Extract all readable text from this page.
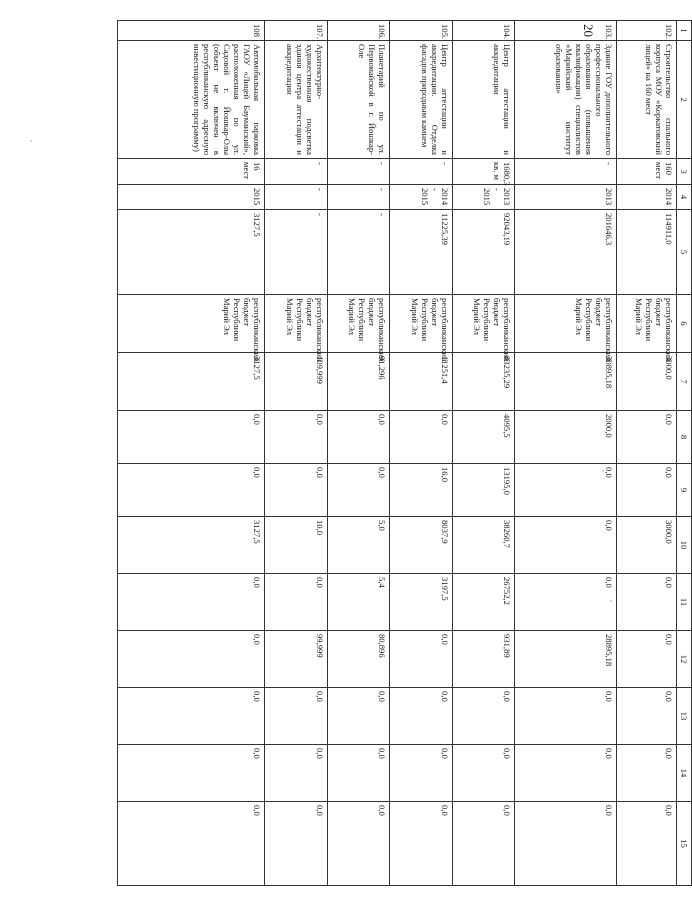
20	1	2	3	4	5	6	7	8	9	10	11	12	13	14	15
102.	Строительство спального корпуса МОУ «Коркатовский лицей» на 160 мест	160 мест	2014	114911,0	республиканский бюджет Республики Марий Эл	3000,0	0,0	0,0	3000,0	0,0	0,0	0,0	0,0	0,0
103.	Здание ГОУ дополнительного профессионального образования (повышения квалификации) специалистов «Марийский институт образования»	-	2013	201646,3	республиканский бюджет Республики Марий Эл	30895,18	2000,0	0,0	0,0	0,0	28895,18	0,0	0,0	0,0
104.	Центр аттестации и аккредитации	1680,3 кв. м	2013 - 2015	92043,19	республиканский бюджет Республики Марий Эл	83235,29	4095,5	13195,0	38260,7	26752,2	931,89	0,0	0,0	0,0
105.	Центр аттестации и аккредитации. Отделка фасадов природным камнем	-	2014 - 2015	11225,39	республиканский бюджет Республики Марий Эл	11251,4	0,0	16,0	8037,9	3197,5	0,0	0,0	0,0	0,0
106.	Планетарий по ул. Первомайской в г. Йошкар-Оле	-	-	-	республиканский бюджет Республики Марий Эл	91,296	0,0	0,0	5,0	5,4	80,896	0,0	0,0	0,0
107.	Архитектурно-художественная подсветка здания центра аттестации и аккредитации	-	-	-	республиканский бюджет Республики Марий Эл	109,999	0,0	0,0	10,0	0,0	99,999	0,0	0,0	0,0
108	Автомобильная парковка ГАОУ «Лицей Бауманский», расположенная по ул. Садовой г. Йошкар-Олы (объект не включен в республиканскую адресную инвестиционную программу)	16 мест	2015	3127,5	республиканский бюджет Республики Марий Эл	3127,5	0,0	0,0	3127,5	0,0	0,0	0,0	0,0	0,0
